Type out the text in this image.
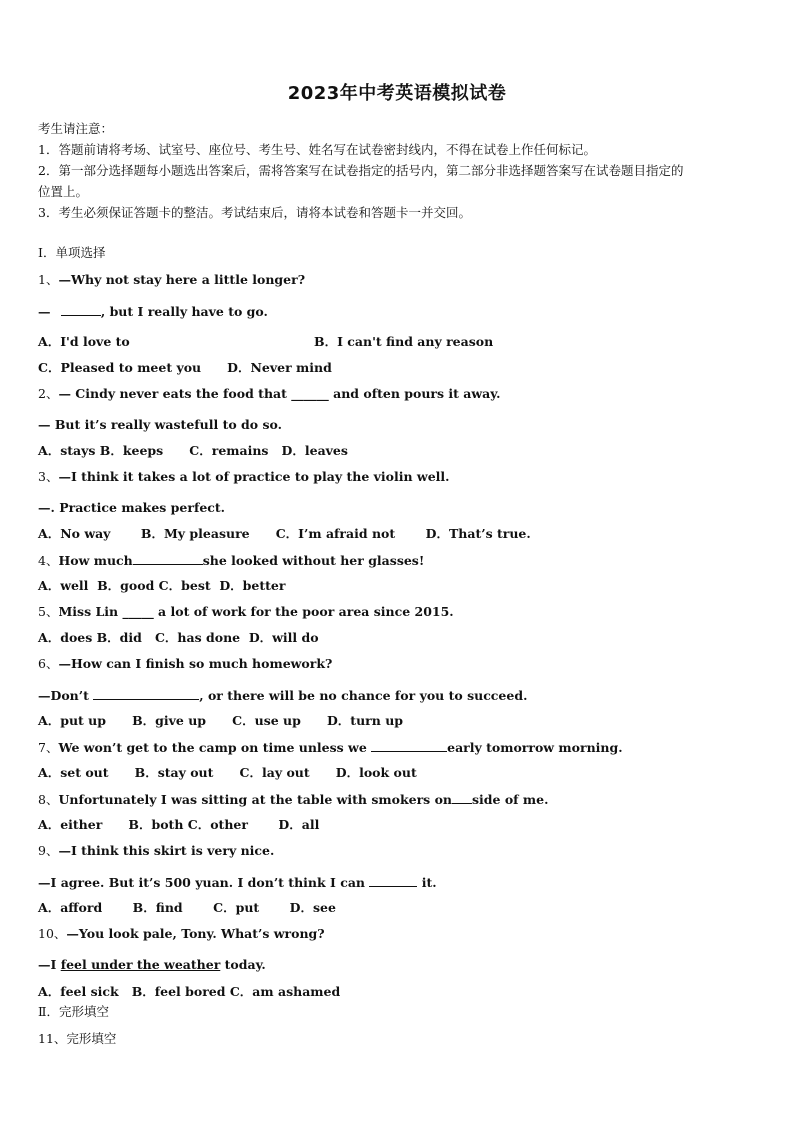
2023年中考英语模拟试卷
考生请注意：
1．答题前请将考场、试室号、座位号、考生号、姓名写在试卷密封线内，不得在试卷上作任何标记。
2．第一部分选择题每小题选出答案后，需将答案写在试卷指定的括号内，第二部分非选择题答案写在试卷题目指定的
位置上。
3．考生必须保证答题卡的整洁。考试结束后，请将本试卷和答题卡一并交回。
Ⅰ．单项选择
1、—Why not stay here a little longer?
—	, but I really have to go.
A．I'd love to	B．I can't find any reason
C．Pleased to meet you D．Never mind
2、— Cindy never eats the food that ______ and often pours it away.
— But it’s really wastefull to do so.
A．stays B．keeps      C．remains   D．leaves
3、—I think it takes a lot of practice to play the violin well.
—. Practice makes perfect.
A．No way       B．My pleasure      C．I’m afraid not       D．That’s true.
4、How much	she looked without her glasses!
A．well  B．good C．best  D．better
5、Miss Lin _____ a lot of work for the poor area since 2015.
A．does B．did   C．has done  D．will do
6、—How can I finish so much homework?
—Don’t	, or there will be no chance for you to succeed.
A．put up      B．give up      C．use up      D．turn up
7、We won’t get to the camp on time unless we	early tomorrow morning.
A．set out      B．stay out      C．lay out      D．look out
8、Unfortunately I was sitting at the table with smokers on side of me.
A．either      B．both C．other       D．all
9、—I think this skirt is very nice.
—I agree. But it’s 500 yuan. I don’t think I can	it.
A．afford       B．find       C．put       D．see
10、—You look pale, Tony. What’s wrong?
—I feel under the weather today.
A．feel sick   B．feel bored C．am ashamed
Ⅱ．完形填空
11、完形填空
